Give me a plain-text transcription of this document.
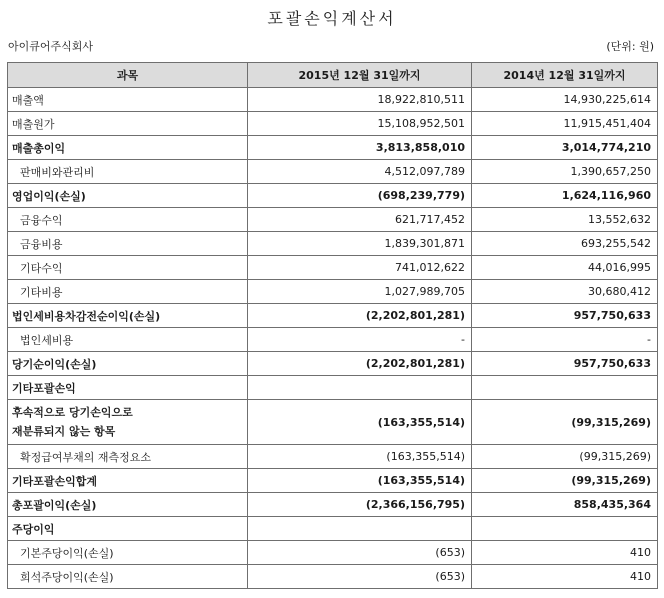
포괄손익계산서
아이큐어주식회사	(단위: 원)
과목	2015년 12월 31일까지	2014년 12월 31일까지
매출액	18,922,810,511	14,930,225,614
매출원가	15,108,952,501	11,915,451,404
매출총이익	3,813,858,010	3,014,774,210
판매비와관리비	4,512,097,789	1,390,657,250
영업이익(손실)	(698,239,779)	1,624,116,960
금융수익	621,717,452	13,552,632
금융비용	1,839,301,871	693,255,542
기타수익	741,012,622	44,016,995
기타비용	1,027,989,705	30,680,412
법인세비용차감전순이익(손실)	(2,202,801,281)	957,750,633
법인세비용	-	-
당기순이익(손실)	(2,202,801,281)	957,750,633
기타포괄손익		
후속적으로 당기손익으로
재분류되지 않는 항목	(163,355,514)	(99,315,269)
확정급여부채의 재측정요소	(163,355,514)	(99,315,269)
기타포괄손익합계	(163,355,514)	(99,315,269)
총포괄이익(손실)	(2,366,156,795)	858,435,364
주당이익		
기본주당이익(손실)	(653)	410
희석주당이익(손실)	(653)	410
